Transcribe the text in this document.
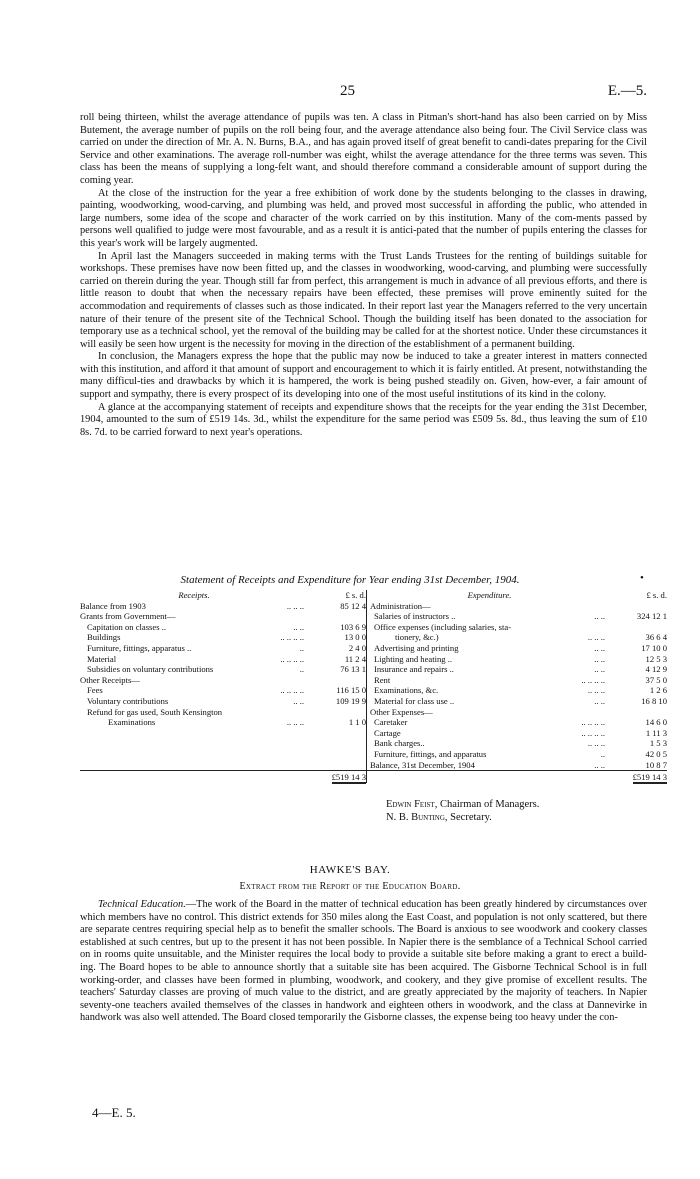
25	E.—5.

roll being thirteen, whilst the average attendance of pupils was ten. A class in Pitman's short-hand has also been carried on by Miss Butement, the average number of pupils on the roll being four, and the average attendance also being four. The Civil Service class was carried on under the direction of Mr. A. N. Burns, B.A., and has again proved itself of great benefit to candi-dates preparing for the Civil Service and other examinations. The average roll-number was eight, whilst the average attendance for the three terms was seven. This class has been the means of supplying a long-felt want, and should therefore command a considerable amount of support during the coming year.

At the close of the instruction for the year a free exhibition of work done by the students belonging to the classes in drawing, painting, woodworking, wood-carving, and plumbing was held, and proved most successful in affording the public, who attended in large numbers, some idea of the scope and character of the work carried on by this institution. Many of the com-ments passed by persons well qualified to judge were most favourable, and as a result it is antici-pated that the number of pupils entering the classes for this year's work will be largely augmented.

In April last the Managers succeeded in making terms with the Trust Lands Trustees for the renting of buildings suitable for workshops. These premises have now been fitted up, and the classes in woodworking, wood-carving, and plumbing were successfully carried on therein during the year. Though still far from perfect, this arrangement is much in advance of all previous efforts, and there is little reason to doubt that when the necessary repairs have been effected, these premises will prove eminently suited for the accommodation and requirements of classes such as those indicated. In their report last year the Managers referred to the very uncertain nature of their tenure of the present site of the Technical School. Though the building itself has been donated to the association for temporary use as a technical school, yet the removal of the building may be called for at the shortest notice. Under these circumstances it will easily be seen how urgent is the necessity for moving in the direction of the establishment of a permanent building.

In conclusion, the Managers express the hope that the public may now be induced to take a greater interest in matters connected with this institution, and afford it that amount of support and encouragement to which it is fairly entitled. At present, notwithstanding the many difficul-ties and drawbacks by which it is hampered, the work is being pushed steadily on. Given, how-ever, a fair amount of support and sympathy, there is every prospect of its developing into one of the most useful institutions of its kind in the colony.

A glance at the accompanying statement of receipts and expenditure shows that the receipts for the year ending the 31st December, 1904, amounted to the sum of £519 14s. 3d., whilst the expenditure for the same period was £509 5s. 8d., thus leaving the sum of £10 8s. 7d. to be carried forward to next year's operations.

Statement of Receipts and Expenditure for Year ending 31st December, 1904.	•
Receipts.	£ s. d.	Expenditure.	£ s. d.
Balance from 1903 .. .. ..	85 12 4	Administration—

Grants from Government—		Salaries of instructors .. .. ..	324 12 1
Capitation on classes .. .. ..	103 6 9	Office expenses (including salaries, sta-

Buildings .. .. .. ..	13 0 0	tionery, &c.) .. .. ..	36 6 4
Furniture, fittings, apparatus .. ..	2 4 0	Advertising and printing .. ..	17 10 0
Material .. .. .. ..	11 2 4	Lighting and heating .. .. ..	12 5 3
Subsidies on voluntary contributions ..	76 13 1	Insurance and repairs .. .. ..	4 12 9
Other Receipts—		Rent .. .. .. ..	37 5 0
Fees .. .. .. ..	116 15 0	Examinations, &c. .. .. ..	1 2 6
Voluntary contributions .. ..	109 19 9	Material for class use .. .. ..	16 8 10
Refund for gas used, South Kensington		Other Expenses—

Examinations .. .. ..	1 1 0	Caretaker .. .. .. ..	14 6 0

		Cartage .. .. .. ..	1 11 3

		Bank charges.. .. .. ..	1 5 3

		Furniture, fittings, and apparatus ..	42 0 5

		Balance, 31st December, 1904 .. ..	10 8 7
	£519 14 3		£519 14 3
Edwin Feist, Chairman of Managers.
N. B. Bunting, Secretary.
HAWKE'S BAY.
Extract from the Report of the Education Board.

Technical Education.—The work of the Board in the matter of technical education has been greatly hindered by circumstances over which members have no control. This district extends for 350 miles along the East Coast, and population is not only scattered, but there are separate centres requiring special help as to benefit the smaller schools. The Board is anxious to see woodwork and cookery classes established at such centres, but up to the present it has not been possible. In Napier there is the semblance of a Technical School carried on in rooms quite unsuitable, and the Minister requires the local body to provide a suitable site before making a grant to erect a build-ing. The Board hopes to be able to announce shortly that a suitable site has been acquired. The Gisborne Technical School is in full working-order, and classes have been formed in plumbing, woodwork, and cookery, and they give promise of excellent results. The teachers' Saturday classes are proving of much value to the district, and are greatly appreciated by the majority of teachers. In Napier seventy-one teachers availed themselves of the classes in handwork and eighteen others in woodwork, and the class at Dannevirke in handwork was also well attended. The Board closed temporarily the Gisborne classes, the expense being too heavy under the con-

4—E. 5.
